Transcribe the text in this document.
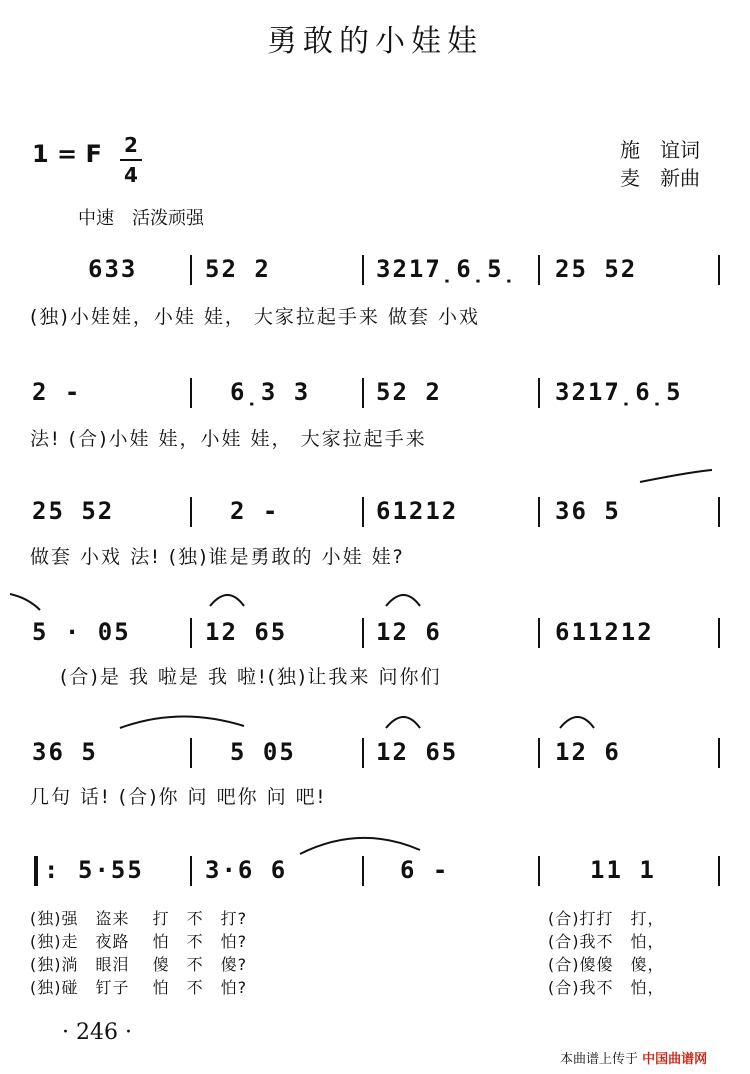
勇敢的小娃娃
1 = F 2
4
施　谊词
麦　新曲
中速　活泼顽强
633	52 2	3217̣6̣5̣ 25 52
(独)小娃娃，小娃 娃， 大家拉起手来 做套 小戏
2 -	6̣3 3	52 2	3217̣6̣5
法! (合)小娃 娃，小娃 娃， 大家拉起手来
25 52	2 -	61212	36 5
做套 小戏 法! (独)谁是勇敢的 小娃 娃?
5 · 05	12 65	12 6	611212
(合)是 我 啦是 我 啦!(独)让我来 问你们
36 5	5 05	12 65	12 6
几句 话! (合)你 问 吧你 问 吧!
: 5·55	3·6 6	6 -	11 1
(独)强　盗来　 打　不　打?	(合)打打　打，
(独)走　夜路　 怕　不　怕?	(合)我不　怕，
(独)淌　眼泪　 傻　不　傻?	(合)傻傻　傻，
(独)碰　钉子　 怕　不　怕?	(合)我不　怕，
· 246 ·
本曲谱上传于 中国曲谱网
